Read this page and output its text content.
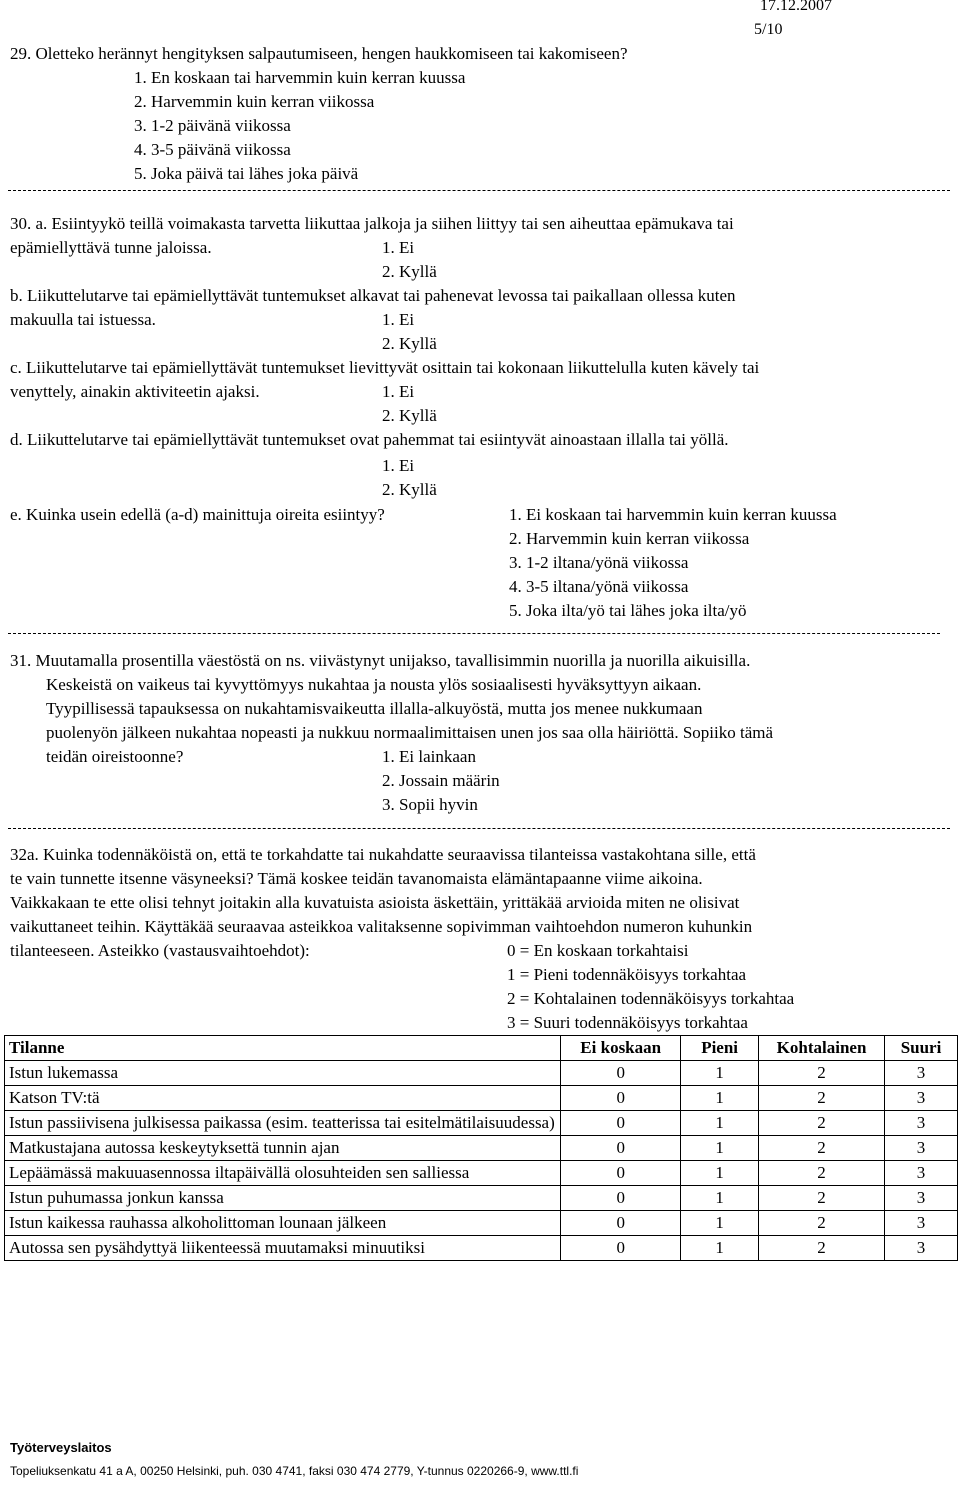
17.12.2007
5/10
29. Oletteko herännyt hengityksen salpautumiseen, hengen haukkomiseen tai kakomiseen?
1. En koskaan tai harvemmin kuin kerran kuussa
2. Harvemmin kuin kerran viikossa
3. 1-2 päivänä viikossa
4. 3-5 päivänä viikossa
5. Joka päivä tai lähes joka päivä
30. a. Esiintyykö teillä voimakasta tarvetta liikuttaa jalkoja ja siihen liittyy tai sen aiheuttaa epämukava tai
epämiellyttävä tunne jaloissa.	1. Ei
2. Kyllä
b. Liikuttelutarve tai epämiellyttävät tuntemukset alkavat tai pahenevat levossa tai paikallaan ollessa kuten
makuulla tai istuessa.	1. Ei
2. Kyllä
c. Liikuttelutarve tai epämiellyttävät tuntemukset lievittyvät osittain tai kokonaan liikuttelulla kuten kävely tai
venyttely, ainakin aktiviteetin ajaksi.	1. Ei
2. Kyllä
d. Liikuttelutarve tai epämiellyttävät tuntemukset ovat pahemmat tai esiintyvät ainoastaan illalla tai yöllä.
1. Ei
2. Kyllä
e. Kuinka usein edellä (a-d) mainittuja oireita esiintyy?	1. Ei koskaan tai harvemmin kuin kerran kuussa
2. Harvemmin kuin kerran viikossa
3. 1-2 iltana/yönä viikossa
4. 3-5 iltana/yönä viikossa
5. Joka ilta/yö tai lähes joka ilta/yö
31. Muutamalla prosentilla väestöstä on ns. viivästynyt unijakso, tavallisimmin nuorilla ja nuorilla aikuisilla.
Keskeistä on vaikeus tai kyvyttömyys nukahtaa ja nousta ylös sosiaalisesti hyväksyttyyn aikaan.
Tyypillisessä tapauksessa on nukahtamisvaikeutta illalla-alkuyöstä, mutta jos menee nukkumaan
puolenyön jälkeen nukahtaa nopeasti ja nukkuu normaalimittaisen unen jos saa olla häiriöttä. Sopiiko tämä
teidän oireistoonne?	1. Ei lainkaan
2. Jossain määrin
3. Sopii hyvin
32a. Kuinka todennäköistä on, että te torkahdatte tai nukahdatte seuraavissa tilanteissa vastakohtana sille, että
te vain tunnette itsenne väsyneeksi? Tämä koskee teidän tavanomaista elämäntapaanne viime aikoina.
Vaikkakaan te ette olisi tehnyt joitakin alla kuvatuista asioista äskettäin, yrittäkää arvioida miten ne olisivat
vaikuttaneet teihin. Käyttäkää seuraavaa asteikkoa valitaksenne sopivimman vaihtoehdon numeron kuhunkin
tilanteeseen. Asteikko (vastausvaihtoehdot):	0 = En koskaan torkahtaisi
1 = Pieni todennäköisyys torkahtaa
2 = Kohtalainen todennäköisyys torkahtaa
3 = Suuri todennäköisyys torkahtaa
Tilanne	Ei koskaan	Pieni	Kohtalainen	Suuri
Istun lukemassa	0	1	2	3
Katson TV:tä	0	1	2	3
Istun passiivisena julkisessa paikassa (esim. teatterissa tai esitelmätilaisuudessa)	0	1	2	3
Matkustajana autossa keskeytyksettä tunnin ajan	0	1	2	3
Lepäämässä makuuasennossa iltapäivällä olosuhteiden sen salliessa	0	1	2	3
Istun puhumassa jonkun kanssa	0	1	2	3
Istun kaikessa rauhassa alkoholittoman lounaan jälkeen	0	1	2	3
Autossa sen pysähdyttyä liikenteessä muutamaksi minuutiksi	0	1	2	3
Työterveyslaitos
Topeliuksenkatu 41 a A, 00250 Helsinki, puh. 030 4741, faksi 030 474 2779, Y-tunnus 0220266-9, www.ttl.fi
